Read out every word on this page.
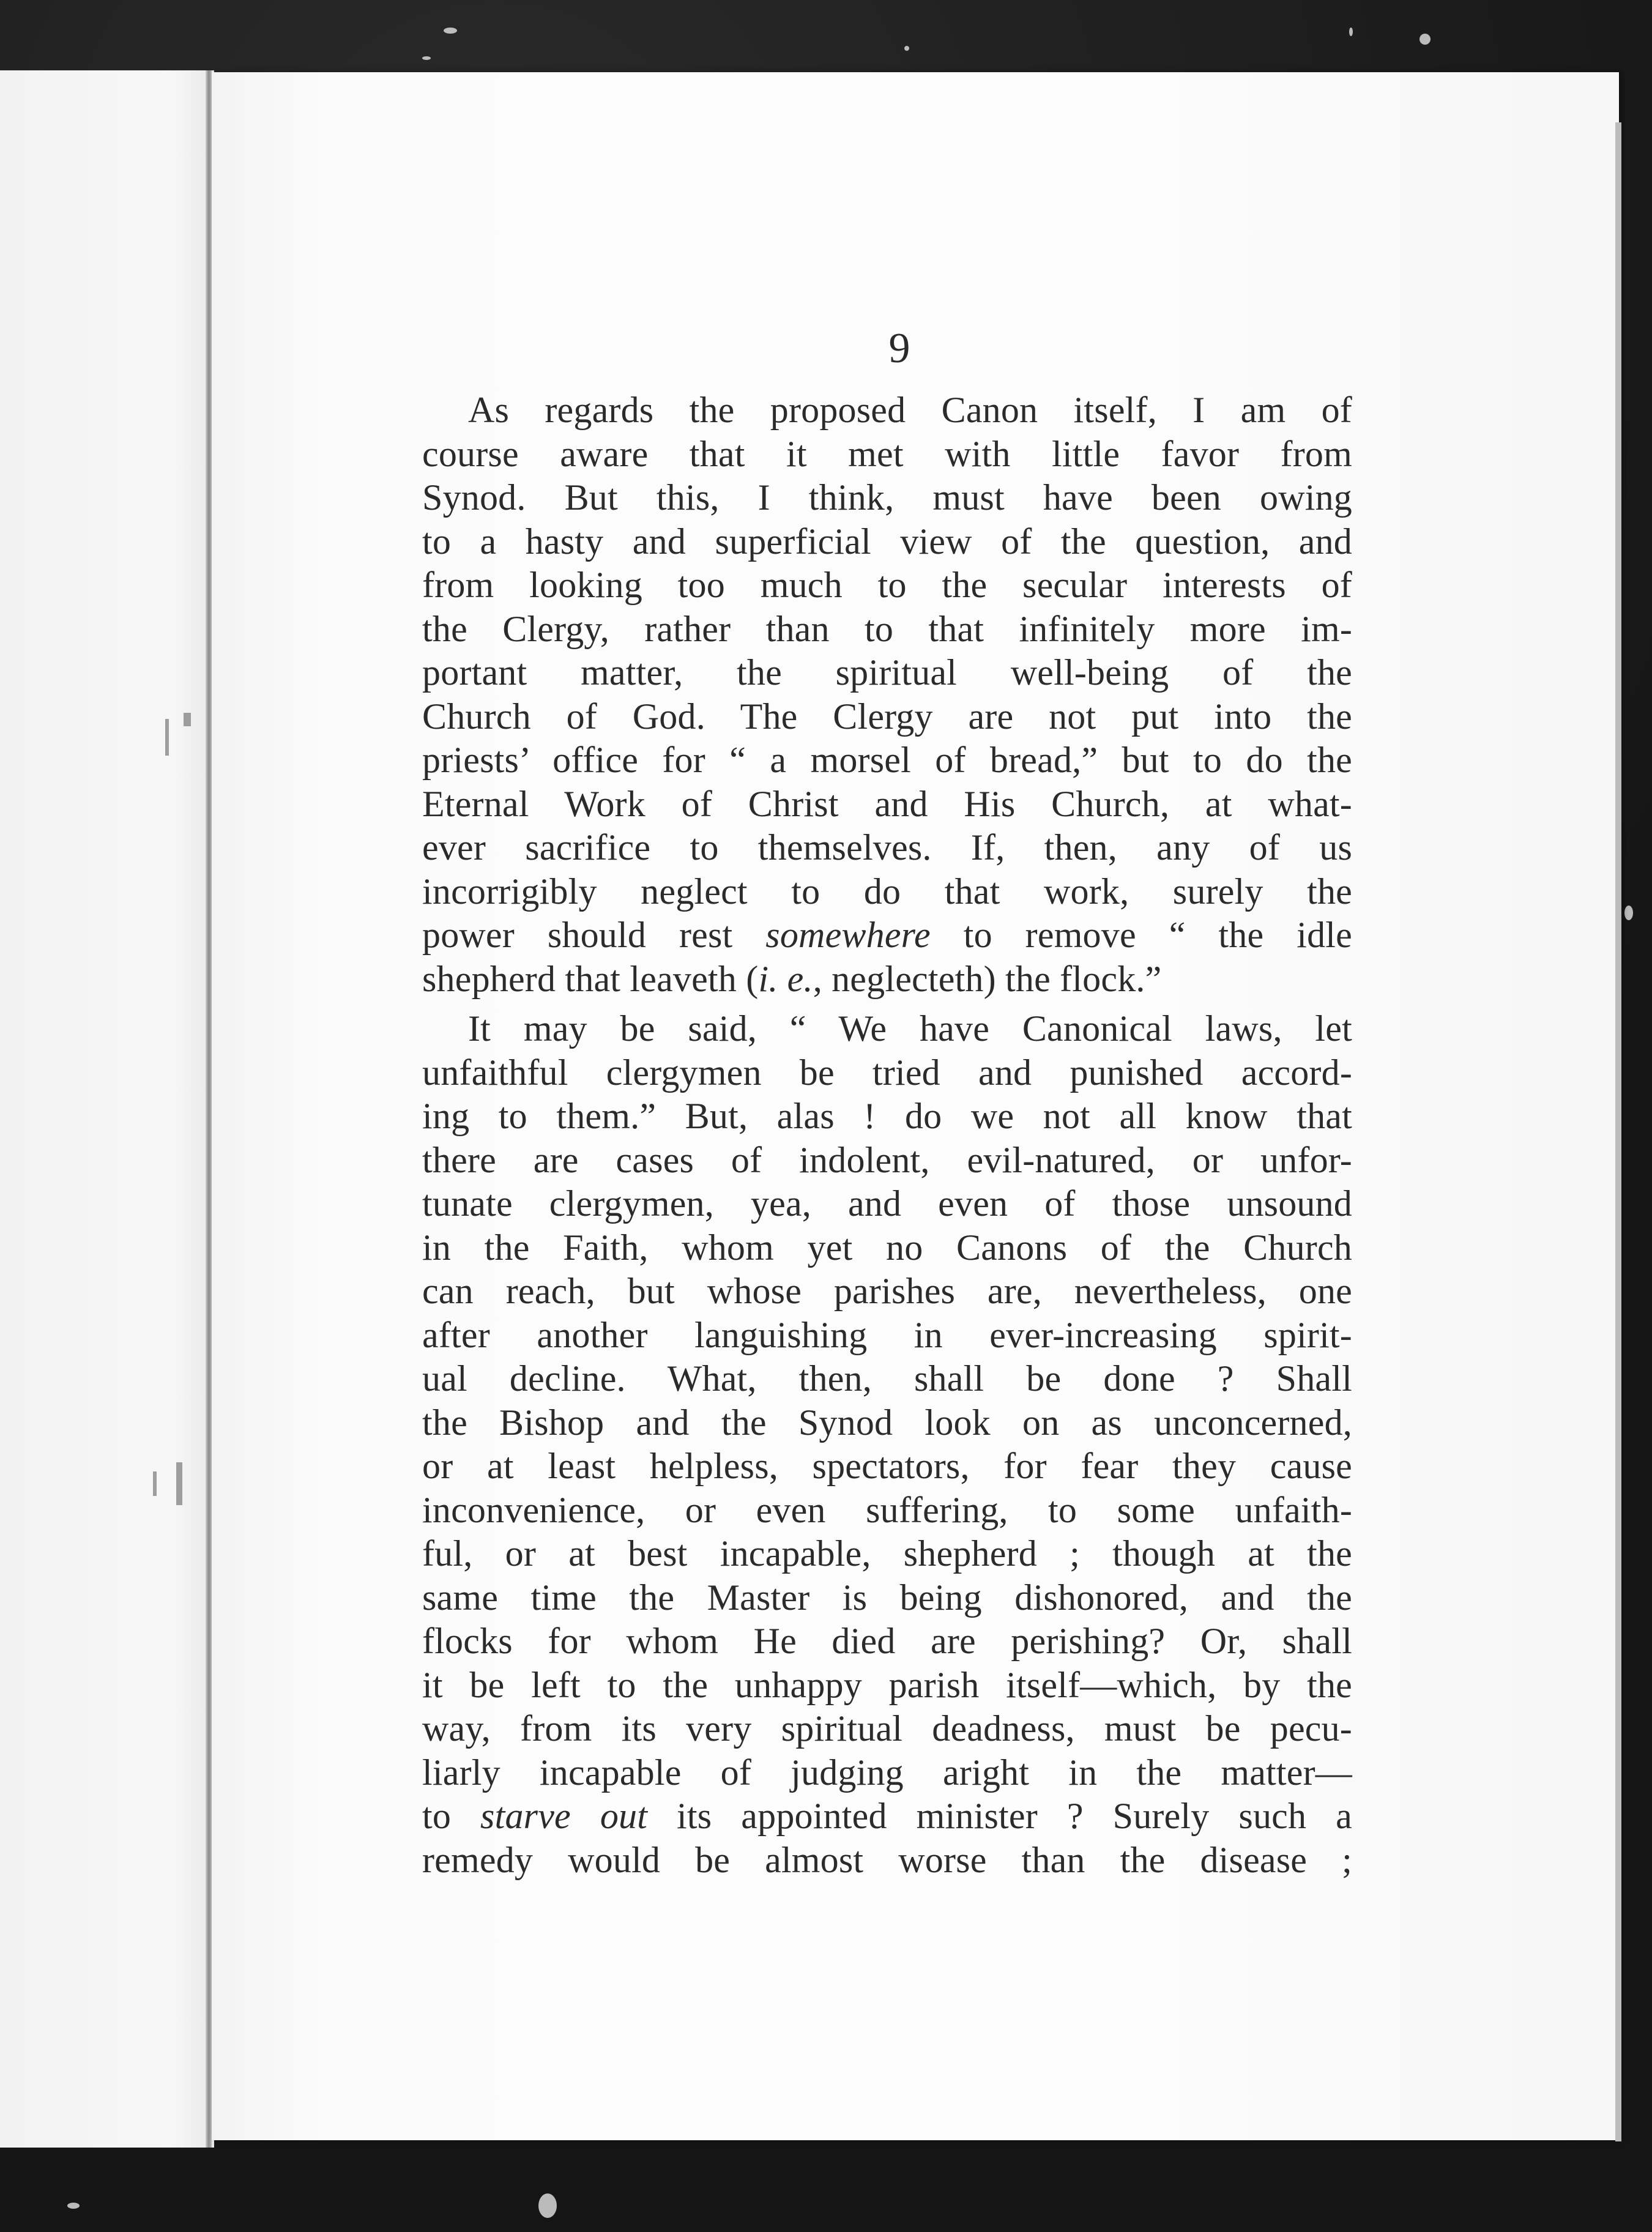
9
As regards the proposed Canon itself, I am of
course aware that it met with little favor from
Synod. But this, I think, must have been owing
to a hasty and superficial view of the question, and
from looking too much to the secular interests of
the Clergy, rather than to that infinitely more im-
portant matter, the spiritual well-being of the
Church of God. The Clergy are not put into the
priests’ office for “ a morsel of bread,” but to do the
Eternal Work of Christ and His Church, at what-
ever sacrifice to themselves. If, then, any of us
incorrigibly neglect to do that work, surely the
power should rest somewhere to remove “ the idle
shepherd that leaveth (i. e., neglecteth) the flock.”
It may be said, “ We have Canonical laws, let
unfaithful clergymen be tried and punished accord-
ing to them.” But, alas ! do we not all know that
there are cases of indolent, evil-natured, or unfor-
tunate clergymen, yea, and even of those unsound
in the Faith, whom yet no Canons of the Church
can reach, but whose parishes are, nevertheless, one
after another languishing in ever-increasing spirit-
ual decline. What, then, shall be done ? Shall
the Bishop and the Synod look on as unconcerned,
or at least helpless, spectators, for fear they cause
inconvenience, or even suffering, to some unfaith-
ful, or at best incapable, shepherd ; though at the
same time the Master is being dishonored, and the
flocks for whom He died are perishing? Or, shall
it be left to the unhappy parish itself—which, by the
way, from its very spiritual deadness, must be pecu-
liarly incapable of judging aright in the matter—
to starve out its appointed minister ? Surely such a
remedy would be almost worse than the disease ;
